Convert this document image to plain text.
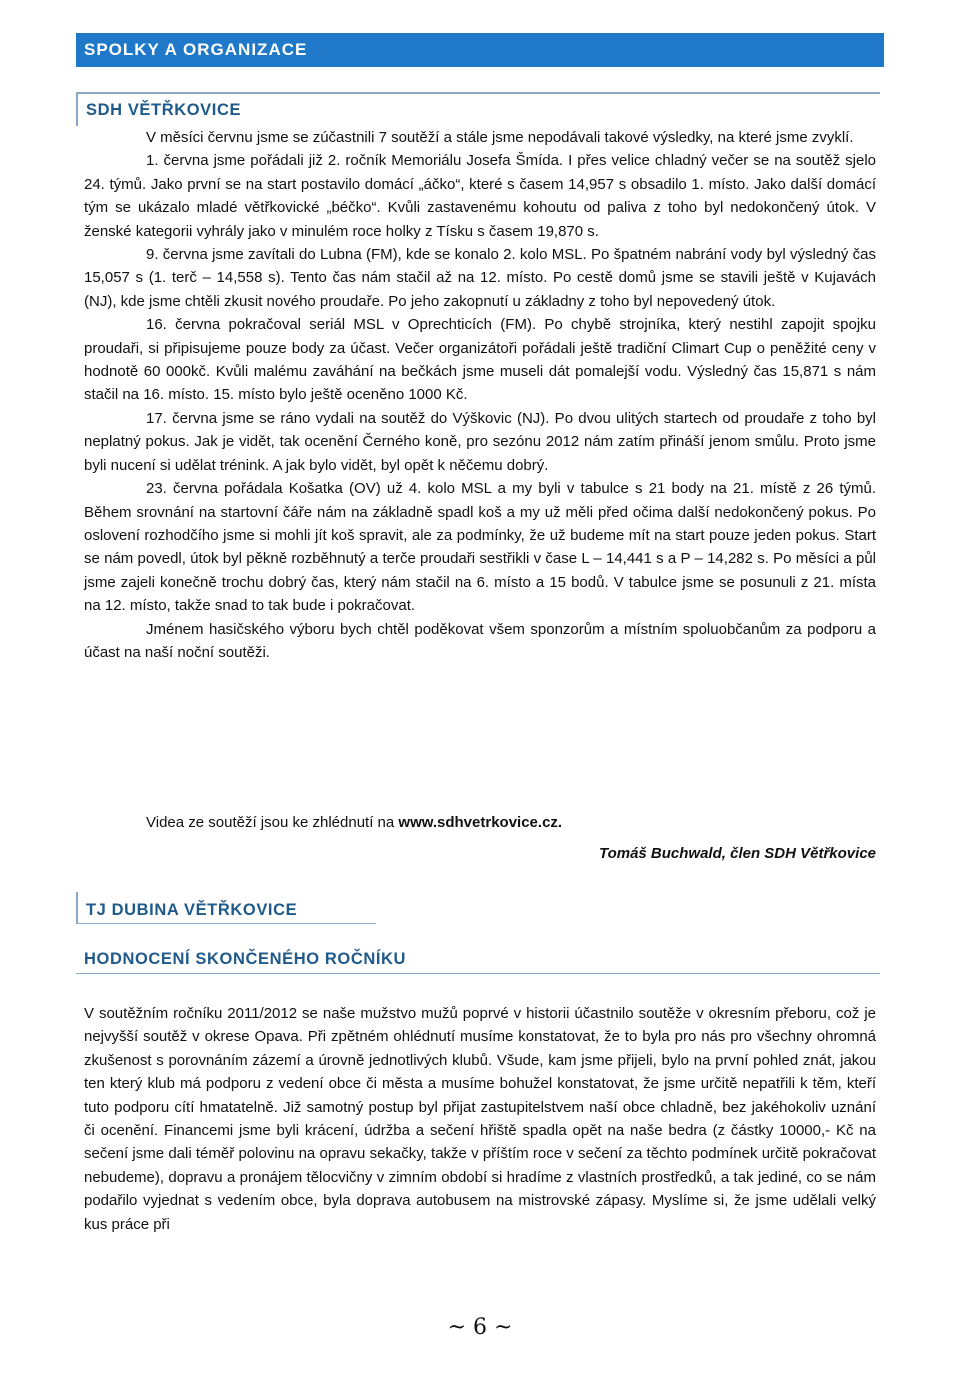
SPOLKY A ORGANIZACE
SDH VĚTŘKOVICE

V měsíci červnu jsme se zúčastnili 7 soutěží a stále jsme nepodávali takové výsledky, na které jsme zvyklí.

1. června jsme pořádali již 2. ročník Memoriálu Josefa Šmída. I přes velice chladný večer se na soutěž sjelo 24. týmů. Jako první se na start postavilo domácí „áčko“, které s časem 14,957 s obsadilo 1. místo. Jako další domácí tým se ukázalo mladé větřkovické „béčko“. Kvůli zastavenému kohoutu od paliva z toho byl nedokončený útok. V ženské kategorii vyhrály jako v minulém roce holky z Tísku s časem 19,870 s.

9. června jsme zavítali do Lubna (FM), kde se konalo 2. kolo MSL. Po špatném nabrání vody byl výsledný čas 15,057 s (1. terč – 14,558 s). Tento čas nám stačil až na 12. místo. Po cestě domů jsme se stavili ještě v Kujavách (NJ), kde jsme chtěli zkusit nového proudaře. Po jeho zakopnutí u základny z toho byl nepovedený útok.

16. června pokračoval seriál MSL v Oprechticích (FM). Po chybě strojníka, který nestihl zapojit spojku proudaři, si připisujeme pouze body za účast. Večer organizátoři pořádali ještě tradiční Climart Cup o peněžité ceny v hodnotě 60 000kč. Kvůli malému zaváhání na bečkách jsme museli dát pomalejší vodu. Výsledný čas 15,871 s nám stačil na 16. místo. 15. místo bylo ještě oceněno 1000 Kč.

17. června jsme se ráno vydali na soutěž do Výškovic (NJ). Po dvou ulitých startech od proudaře z toho byl neplatný pokus. Jak je vidět, tak ocenění Černého koně, pro sezónu 2012 nám zatím přináší jenom smůlu. Proto jsme byli nucení si udělat trénink. A jak bylo vidět, byl opět k něčemu dobrý.

23. června pořádala Košatka (OV) už 4. kolo MSL a my byli v tabulce s 21 body na 21. místě z 26 týmů. Během srovnání na startovní čáře nám na základně spadl koš a my už měli před očima další nedokončený pokus. Po oslovení rozhodčího jsme si mohli jít koš spravit, ale za podmínky, že už budeme mít na start pouze jeden pokus. Start se nám povedl, útok byl pěkně rozběhnutý a terče proudaři sestřikli v čase L – 14,441 s a P – 14,282 s. Po měsíci a půl jsme zajeli konečně trochu dobrý čas, který nám stačil na 6. místo a 15 bodů. V tabulce jsme se posunuli z 21. místa na 12. místo, takže snad to tak bude i pokračovat.

Jménem hasičského výboru bych chtěl poděkovat všem sponzorům a místním spoluobčanům za podporu a účast na naší noční soutěži.

Videa ze soutěží jsou ke zhlédnutí na www.sdhvetrkovice.cz.
Tomáš Buchwald, člen SDH Větřkovice
TJ DUBINA VĚTŘKOVICE
HODNOCENÍ SKONČENÉHO ROČNÍKU

V soutěžním ročníku 2011/2012 se naše mužstvo mužů poprvé v historii účastnilo soutěže v okresním přeboru, což je nejvyšší soutěž v okrese Opava. Při zpětném ohlédnutí musíme konstatovat, že to byla pro nás pro všechny ohromná zkušenost s porovnáním zázemí a úrovně jednotlivých klubů. Všude, kam jsme přijeli, bylo na první pohled znát, jakou ten který klub má podporu z vedení obce či města a musíme bohužel konstatovat, že jsme určitě nepatřili k těm, kteří tuto podporu cítí hmatatelně. Již samotný postup byl přijat zastupitelstvem naší obce chladně, bez jakéhokoliv uznání či ocenění. Financemi jsme byli krácení, údržba a sečení hřiště spadla opět na naše bedra (z částky 10000,- Kč na sečení jsme dali téměř polovinu na opravu sekačky, takže v příštím roce v sečení za těchto podmínek určitě pokračovat nebudeme), dopravu a pronájem tělocvičny v zimním období si hradíme z vlastních prostředků, a tak jediné, co se nám podařilo vyjednat s vedením obce, byla doprava autobusem na mistrovské zápasy. Myslíme si, že jsme udělali velký kus práce při

~ 6 ~
